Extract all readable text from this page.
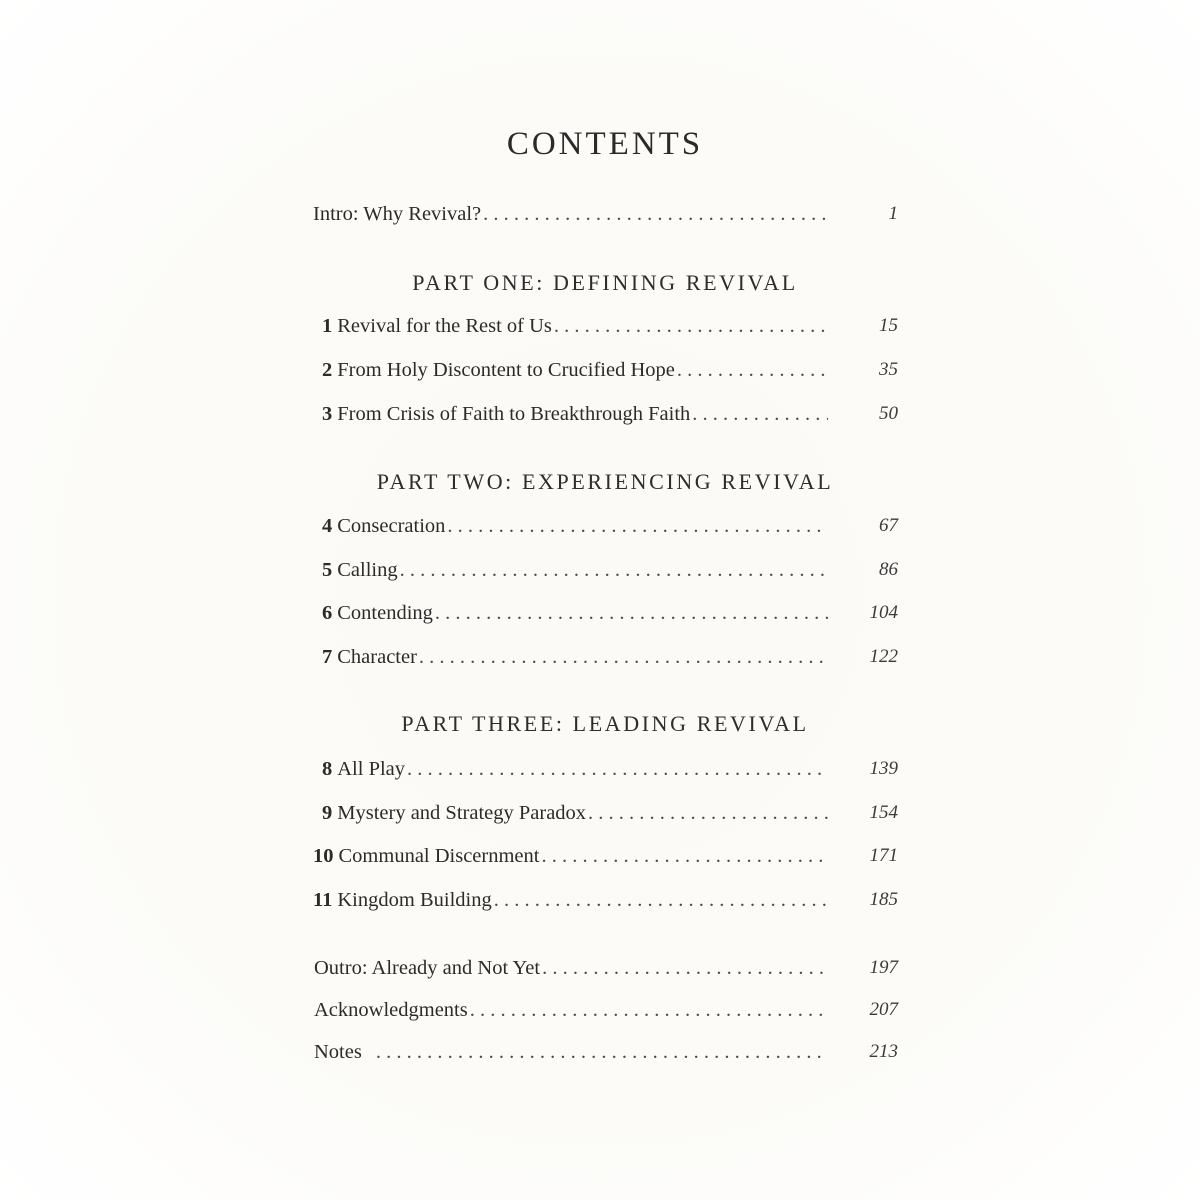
CONTENTS
Intro: Why Revival? . . .	1
PART ONE: DEFINING REVIVAL
1 Revival for the Rest of Us . . .	15
2 From Holy Discontent to Crucified Hope . . .	35
3 From Crisis of Faith to Breakthrough Faith . . .	50
PART TWO: EXPERIENCING REVIVAL
4 Consecration . . .	67
5 Calling . . .	86
6 Contending . . .	104
7 Character . . .	122
PART THREE: LEADING REVIVAL
8 All Play . . .	139
9 Mystery and Strategy Paradox . . .	154
10 Communal Discernment . . .	171
11 Kingdom Building . . .	185
Outro: Already and Not Yet . . .	197
Acknowledgments . . .	207
Notes . . .	213
